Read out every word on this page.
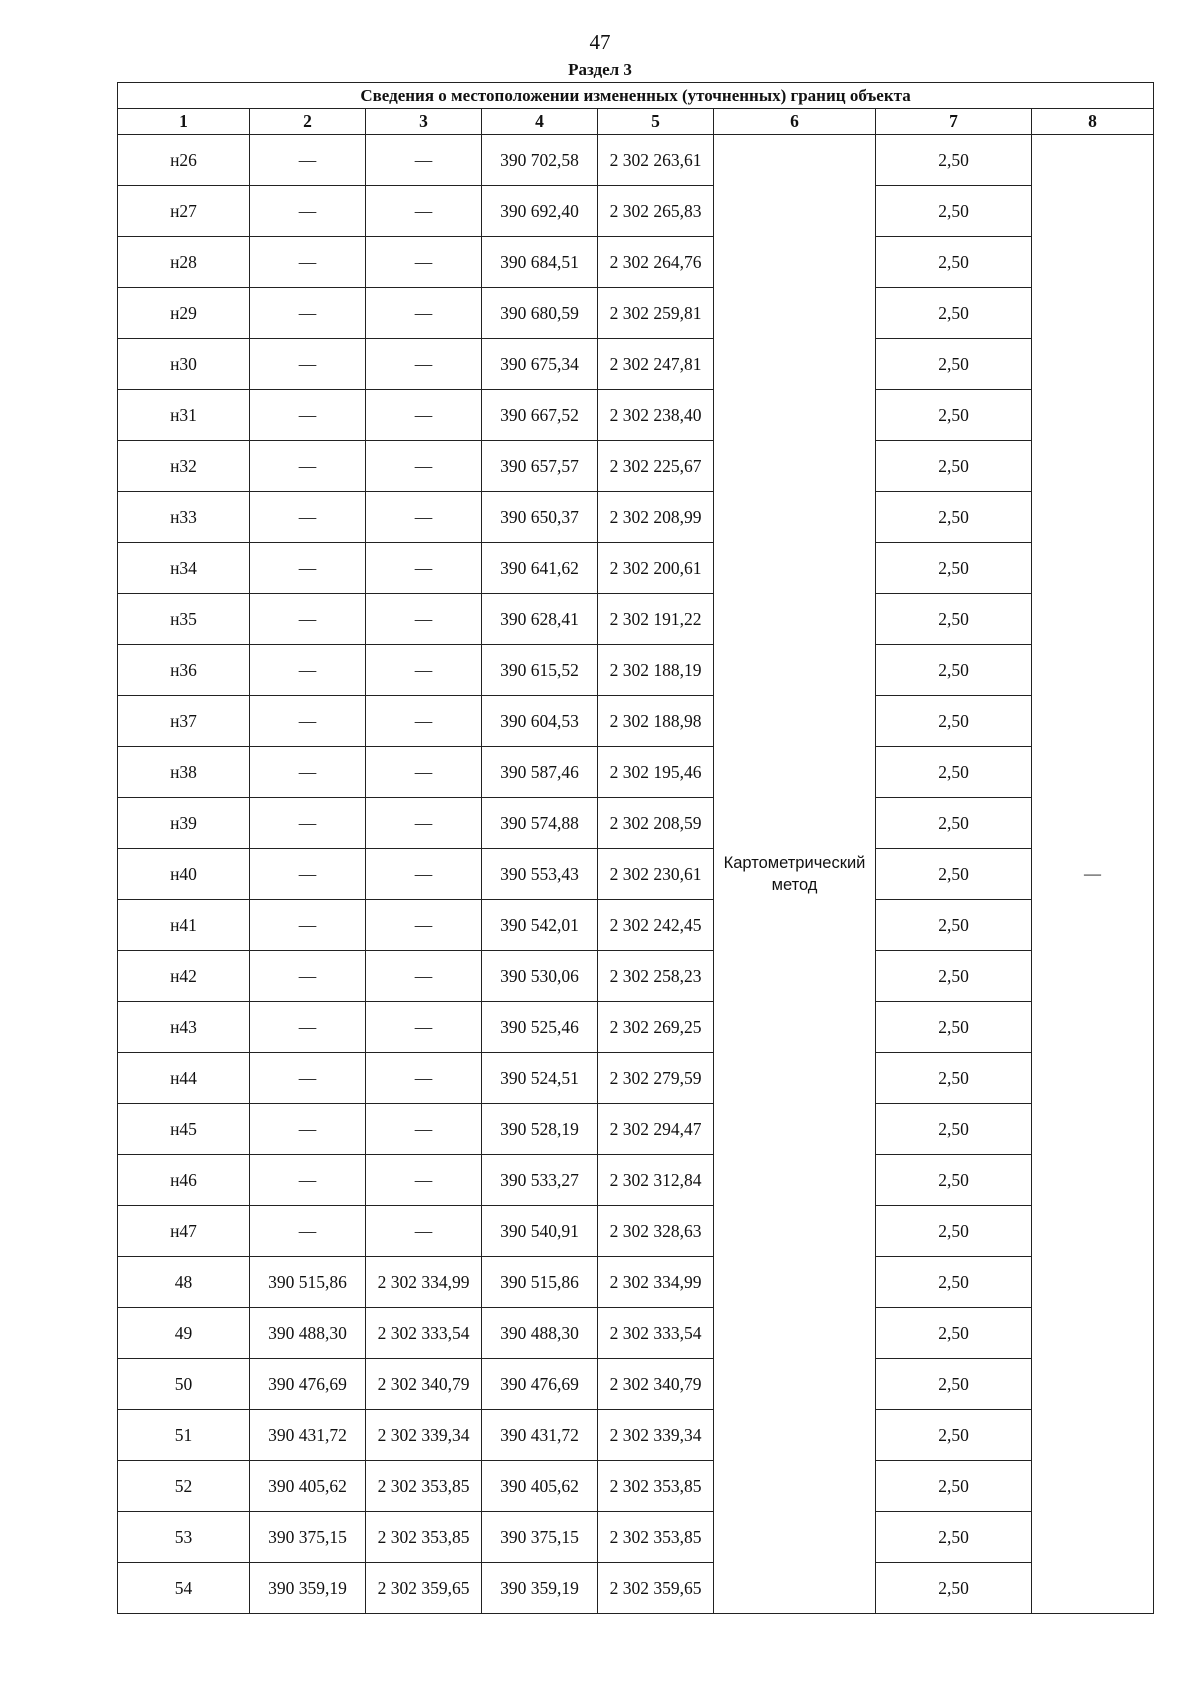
47
Раздел 3
Сведения о местоположении измененных (уточненных) границ объекта							
1	2	3	4	5	6	7	8
н26	—	—	390 702,58	2 302 263,61	Картометрический метод	2,50	—
н27	—	—	390 692,40	2 302 265,83		2,50	
н28	—	—	390 684,51	2 302 264,76		2,50	
н29	—	—	390 680,59	2 302 259,81		2,50	
н30	—	—	390 675,34	2 302 247,81		2,50	
н31	—	—	390 667,52	2 302 238,40		2,50	
н32	—	—	390 657,57	2 302 225,67		2,50	
н33	—	—	390 650,37	2 302 208,99		2,50	
н34	—	—	390 641,62	2 302 200,61		2,50	
н35	—	—	390 628,41	2 302 191,22		2,50	
н36	—	—	390 615,52	2 302 188,19		2,50	
н37	—	—	390 604,53	2 302 188,98		2,50	
н38	—	—	390 587,46	2 302 195,46		2,50	
н39	—	—	390 574,88	2 302 208,59		2,50	
н40	—	—	390 553,43	2 302 230,61		2,50	
н41	—	—	390 542,01	2 302 242,45		2,50	
н42	—	—	390 530,06	2 302 258,23		2,50	
н43	—	—	390 525,46	2 302 269,25		2,50	
н44	—	—	390 524,51	2 302 279,59		2,50	
н45	—	—	390 528,19	2 302 294,47		2,50	
н46	—	—	390 533,27	2 302 312,84		2,50	
н47	—	—	390 540,91	2 302 328,63		2,50	
48	390 515,86	2 302 334,99	390 515,86	2 302 334,99		2,50	
49	390 488,30	2 302 333,54	390 488,30	2 302 333,54		2,50	
50	390 476,69	2 302 340,79	390 476,69	2 302 340,79		2,50	
51	390 431,72	2 302 339,34	390 431,72	2 302 339,34		2,50	
52	390 405,62	2 302 353,85	390 405,62	2 302 353,85		2,50	
53	390 375,15	2 302 353,85	390 375,15	2 302 353,85		2,50	
54	390 359,19	2 302 359,65	390 359,19	2 302 359,65		2,50	
